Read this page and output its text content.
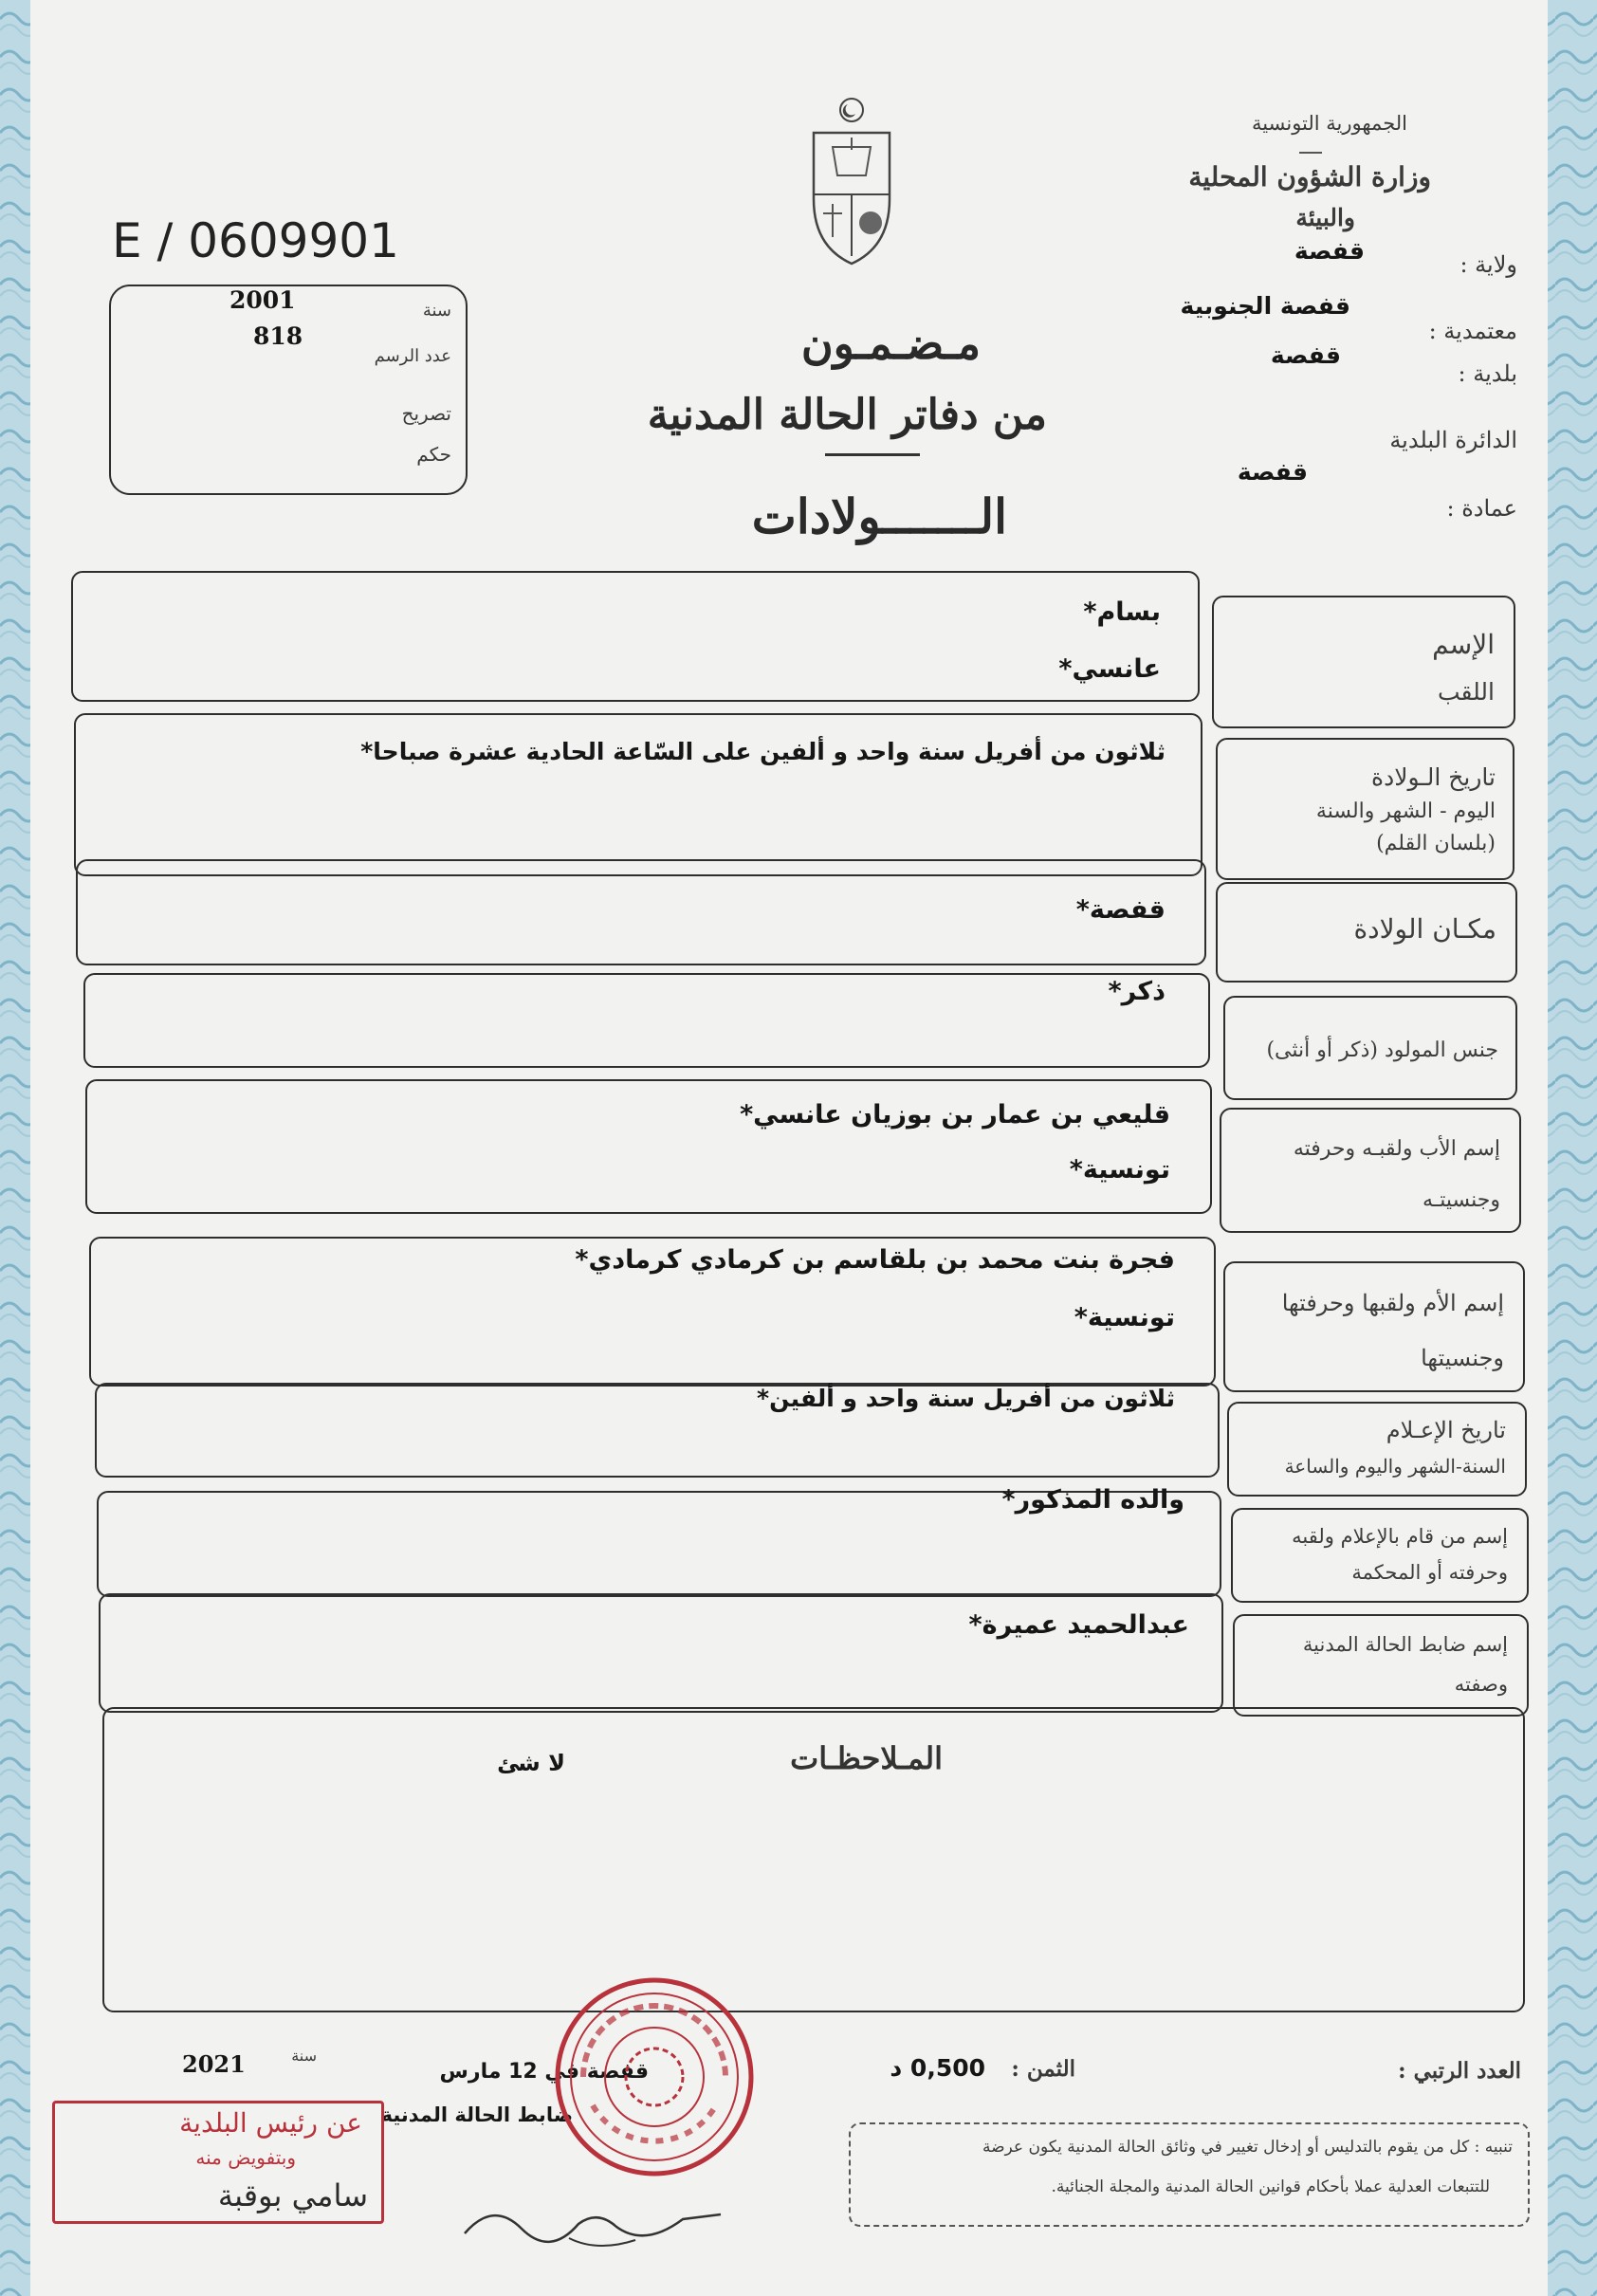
الجمهورية التونسية
وزارة الشؤون المحلية
والبيئة
E / 0609901	ولاية :
قفصة
معتمدية :
قفصة الجنوبية
بلدية :
قفصة
الدائرة البلدية
قفصة
عمادة :
سنة
2001
عدد الرسم
818
تصريح
حكم
مـضـمـون
من دفاتر الحالة المدنية
الـــــــولادات
الإسم
اللقب
بسام*
عانسي*
تاريخ الـولادة
اليوم - الشهر والسنة
(بلسان القلم)
ثلاثون من أفريل سنة واحد و ألفين على السّاعة الحادية عشرة صباحا*
مكـان الولادة
قفصة*
جنس المولود (ذكر أو أنثى)
ذكر*
إسم الأب ولقبـه وحرفته
وجنسيتـه
قليعي بن عمار بن بوزيان عانسي*
تونسية*
إسم الأم ولقبها وحرفتها
وجنسيتها
فجرة بنت محمد بن بلقاسم بن كرمادي كرمادي*
تونسية*
تاريخ الإعـلام
السنة-الشهر واليوم والساعة
ثلاثون من أفريل سنة واحد و ألفين*
إسم من قام بالإعلام ولقبه
وحرفته أو المحكمة
والده المذكور*
إسم ضابط الحالة المدنية
وصفته
عبدالحميد عميرة*
المـلاحظـات
لا شئ
العدد الرتبي :
الثمن :
0,500 د
قفصة في 12 مارس
سنة
2021
ضابط الحالة المدنية
تنبيه : كل من يقوم بالتدليس أو إدخال تغيير في وثائق الحالة المدنية يكون عرضة
للتتبعات العدلية عملا بأحكام قوانين الحالة المدنية والمجلة الجنائية.
عن رئيس البلدية
وبتفويض منه
سامي بوقبة
